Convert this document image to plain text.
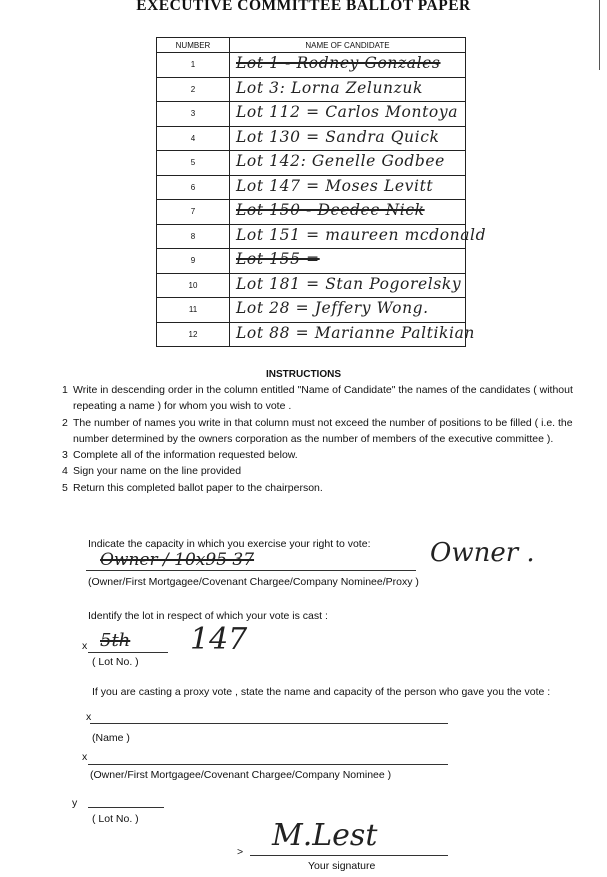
EXECUTIVE COMMITTEE BALLOT PAPER
NUMBER	NAME OF CANDIDATE
1	Lot 1 - Rodney Gonzales

2	Lot 3: Lorna Zelunzuk

3	Lot 112 = Carlos Montoya

4	Lot 130 = Sandra Quick

5	Lot 142: Genelle Godbee

6	Lot 147 = Moses Levitt

7	Lot 150 - Deedee Nick

8	Lot 151 = maureen mcdonald

9	Lot 155 =

10	Lot 181 = Stan Pogorelsky

11	Lot 28 = Jeffery Wong.

12	Lot 88 = Marianne Paltikian
INSTRUCTIONS
1 Write in descending order in the column entitled "Name of Candidate" the names of the candidates ( without repeating a name ) for whom you wish to vote .
2 The number of names you write in that column must not exceed the number of positions to be filled ( i.e. the number determined by the owners corporation as the number of members of the executive committee ).
3 Complete all of the information requested below.
4 Sign your name on the line provided
5 Return this completed ballot paper to the chairperson.
Indicate the capacity in which you exercise your right to vote:
Owner / 10x95 37	Owner .
(Owner/First Mortgagee/Covenant Chargee/Company Nominee/Proxy )
Identify the lot in respect of which your vote is cast :
x 5th 147
( Lot No. )
If you are casting a proxy vote , state the name and capacity of the person who gave you the vote :
x
(Name )
x
(Owner/First Mortgagee/Covenant Chargee/Company Nominee )
y
( Lot No. )
> M.Lest
Your signature
